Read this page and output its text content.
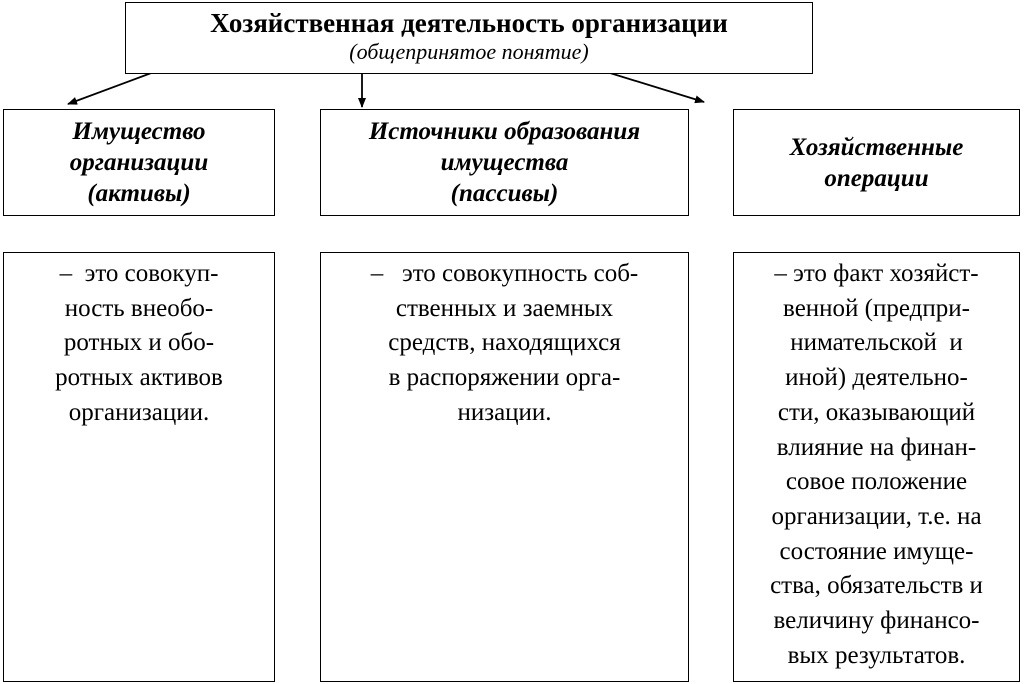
Хозяйственная деятельность организации
(общепринятое понятие)
Имущество
организации
(активы)
Источники образования
имущества
(пассивы)
Хозяйственные
операции
–  это совокуп-
ность внеобо-
ротных и обо-
ротных активов
организации.
–   это совокупность соб-
ственных и заемных
средств, находящихся
в распоряжении орга-
низации.
– это факт хозяйст-
венной (предпри-
нимательской  и
иной) деятельно-
сти, оказывающий
влияние на финан-
совое положение
организации, т.е. на
состояние имуще-
ства, обязательств и
величину финансо-
вых результатов.
